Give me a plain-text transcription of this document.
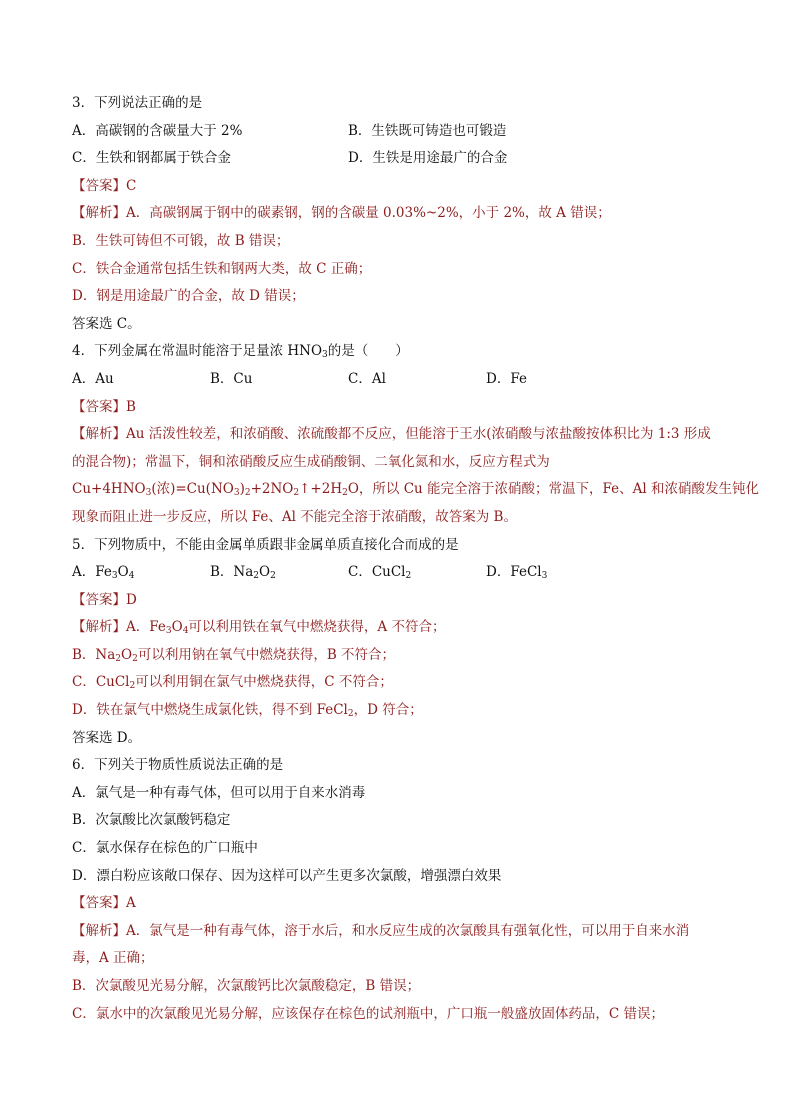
3．下列说法正确的是
A．高碳钢的含碳量大于 2%	B．生铁既可铸造也可锻造
C．生铁和钢都属于铁合金	D．生铁是用途最广的合金
【答案】C
【解析】A．高碳钢属于钢中的碳素钢，钢的含碳量 0.03%~2%，小于 2%，故 A 错误；
B．生铁可铸但不可锻，故 B 错误；
C．铁合金通常包括生铁和钢两大类，故 C 正确；
D．钢是用途最广的合金，故 D 错误；
答案选 C。
4．下列金属在常温时能溶于足量浓 $HNO_3$的是（　　）
A．Au	B．Cu	C．Al	D．Fe
【答案】B
【解析】Au 活泼性较差，和浓硝酸、浓硫酸都不反应，但能溶于王水(浓硝酸与浓盐酸按体积比为 1:3 形成
的混合物)；常温下，铜和浓硝酸反应生成硝酸铜、二氧化氮和水，反应方程式为
$Cu+4HNO_3$(浓)$=Cu(NO_3)_2+2NO_2↑+2H_2O$，所以 Cu 能完全溶于浓硝酸；常温下，Fe、Al 和浓硝酸发生钝化
现象而阻止进一步反应，所以 Fe、Al 不能完全溶于浓硝酸，故答案为 B。
5．下列物质中，不能由金属单质跟非金属单质直接化合而成的是
A．$Fe_3O_4$	B．$Na_2O_2$	C．CuCl$_2$	D．FeCl$_3$
【答案】D
【解析】A．$Fe_3O_4$可以利用铁在氧气中燃烧获得，A 不符合；
B．$Na_2O_2$可以利用钠在氧气中燃烧获得，B 不符合；
C．CuCl$_2$可以利用铜在氯气中燃烧获得，C 不符合；
D．铁在氯气中燃烧生成氯化铁，得不到 FeCl$_2$，D 符合；
答案选 D。
6．下列关于物质性质说法正确的是
A．氯气是一种有毒气体，但可以用于自来水消毒
B．次氯酸比次氯酸钙稳定
C．氯水保存在棕色的广口瓶中
D．漂白粉应该敞口保存、因为这样可以产生更多次氯酸，增强漂白效果
【答案】A
【解析】A．氯气是一种有毒气体，溶于水后，和水反应生成的次氯酸具有强氧化性，可以用于自来水消
毒，A 正确；
B．次氯酸见光易分解，次氯酸钙比次氯酸稳定，B 错误；
C．氯水中的次氯酸见光易分解，应该保存在棕色的试剂瓶中，广口瓶一般盛放固体药品，C 错误；
